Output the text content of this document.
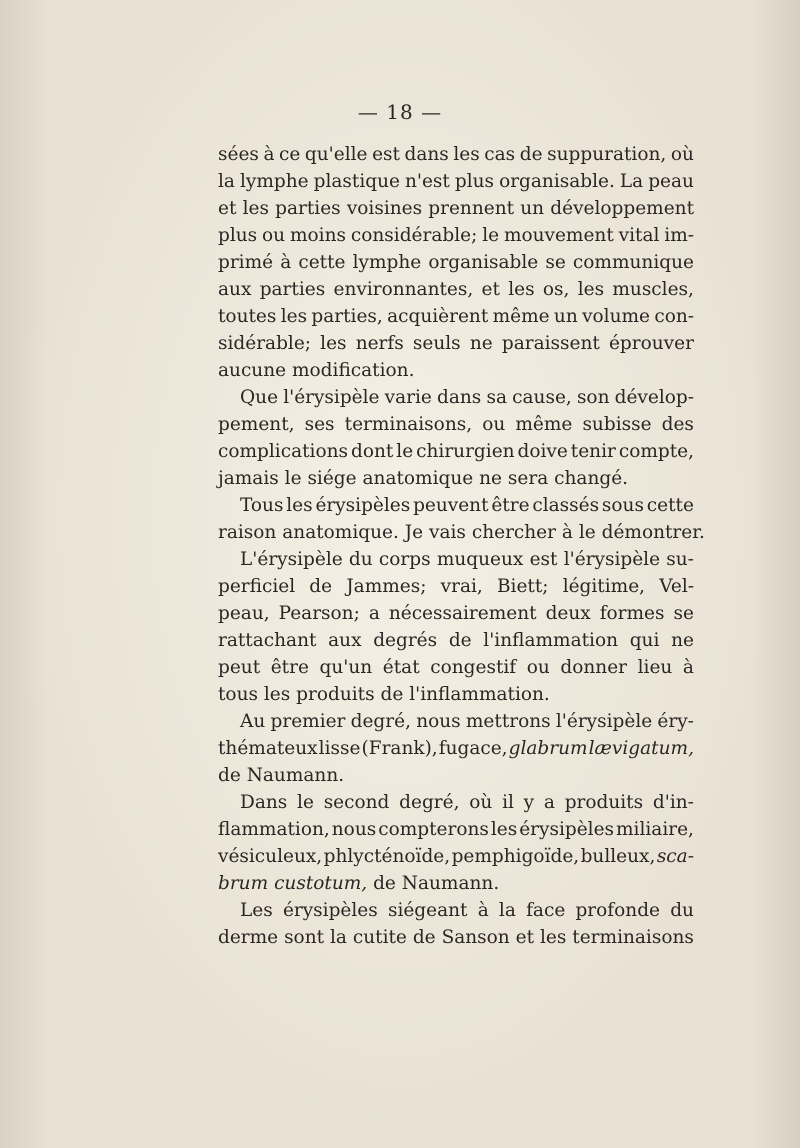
— 18 —
sées à ce qu'elle est dans les cas de suppuration, où
la lymphe plastique n'est plus organisable. La peau
et les parties voisines prennent un développement
plus ou moins considérable; le mouvement vital im-
primé à cette lymphe organisable se communique
aux parties environnantes, et les os, les muscles,
toutes les parties, acquièrent même un volume con-
sidérable; les nerfs seuls ne paraissent éprouver
aucune modification.
Que l'érysipèle varie dans sa cause, son dévelop-
pement, ses terminaisons, ou même subisse des
complications dont le chirurgien doive tenir compte,
jamais le siége anatomique ne sera changé.
Tous les érysipèles peuvent être classés sous cette
raison anatomique. Je vais chercher à le démontrer.
L'érysipèle du corps muqueux est l'érysipèle su-
perficiel de Jammes; vrai, Biett; légitime, Vel-
peau, Pearson; a nécessairement deux formes se
rattachant aux degrés de l'inflammation qui ne
peut être qu'un état congestif ou donner lieu à
tous les produits de l'inflammation.
Au premier degré, nous mettrons l'érysipèle éry-
thémateux lisse (Frank), fugace, glabrum lævigatum,
de Naumann.
Dans le second degré, où il y a produits d'in-
flammation, nous compterons les érysipèles miliaire,
vésiculeux, phlycténoïde, pemphigoïde, bulleux, sca-
brum custotum, de Naumann.
Les érysipèles siégeant à la face profonde du
derme sont la cutite de Sanson et les terminaisons
